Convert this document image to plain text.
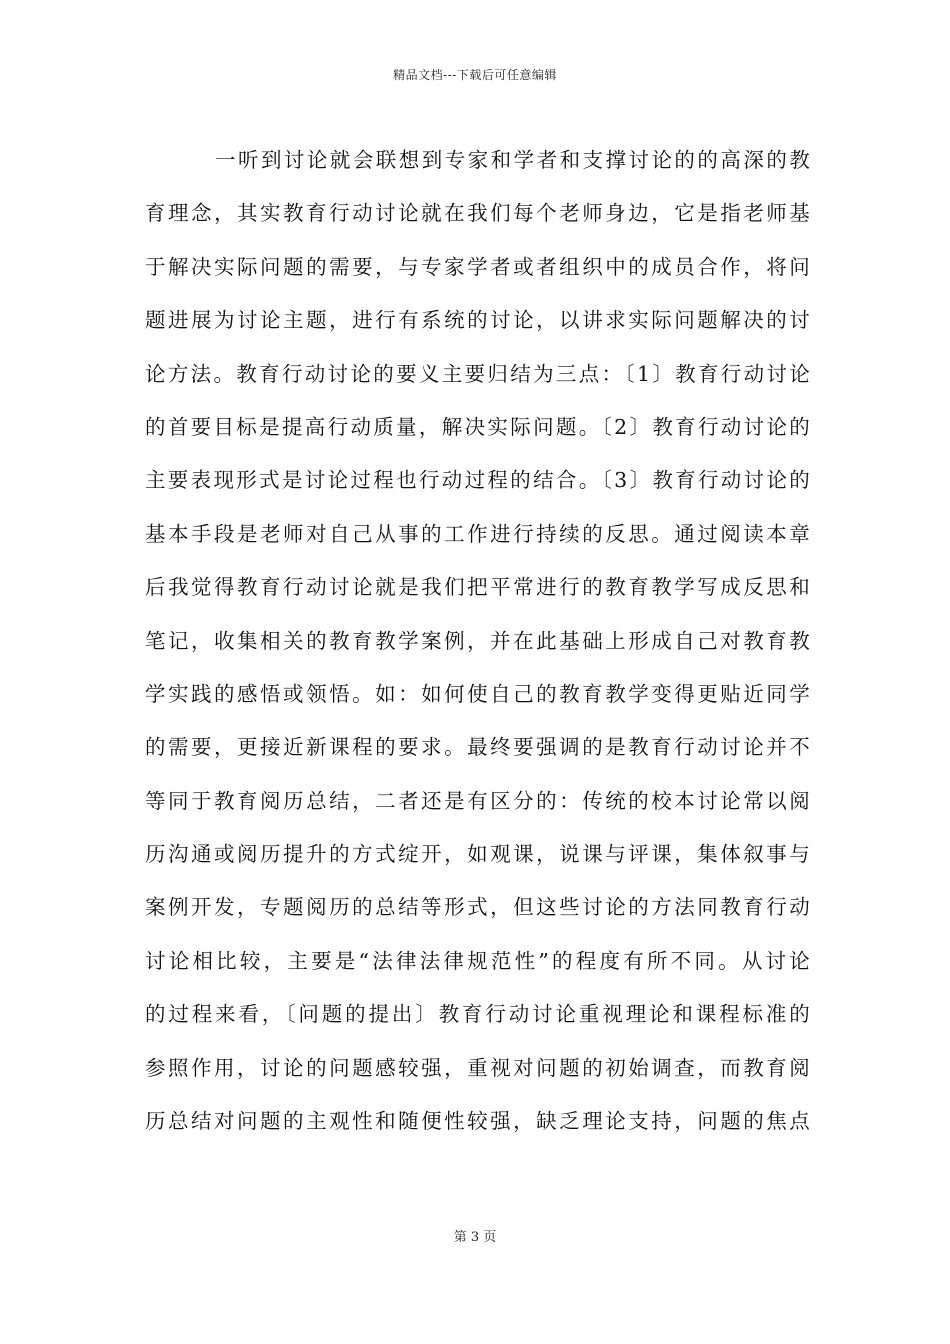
精品文档---下载后可任意编辑
一听到讨论就会联想到专家和学者和支撑讨论的的高深的教
育理念，其实教育行动讨论就在我们每个老师身边，它是指老师基
于解决实际问题的需要，与专家学者或者组织中的成员合作，将问
题进展为讨论主题，进行有系统的讨论，以讲求实际问题解决的讨
论方法。教育行动讨论的要义主要归结为三点：〔1〕教育行动讨论
的首要目标是提高行动质量，解决实际问题。〔2〕教育行动讨论的
主要表现形式是讨论过程也行动过程的结合。〔3〕教育行动讨论的
基本手段是老师对自己从事的工作进行持续的反思。通过阅读本章
后我觉得教育行动讨论就是我们把平常进行的教育教学写成反思和
笔记，收集相关的教育教学案例，并在此基础上形成自己对教育教
学实践的感悟或领悟。如：如何使自己的教育教学变得更贴近同学
的需要，更接近新课程的要求。最终要强调的是教育行动讨论并不
等同于教育阅历总结，二者还是有区分的：传统的校本讨论常以阅
历沟通或阅历提升的方式绽开，如观课，说课与评课，集体叙事与
案例开发，专题阅历的总结等形式，但这些讨论的方法同教育行动
讨论相比较，主要是“法律法律规范性”的程度有所不同。从讨论
的过程来看，〔问题的提出〕教育行动讨论重视理论和课程标准的
参照作用，讨论的问题感较强，重视对问题的初始调查，而教育阅
历总结对问题的主观性和随便性较强，缺乏理论支持，问题的焦点
第 3 页
